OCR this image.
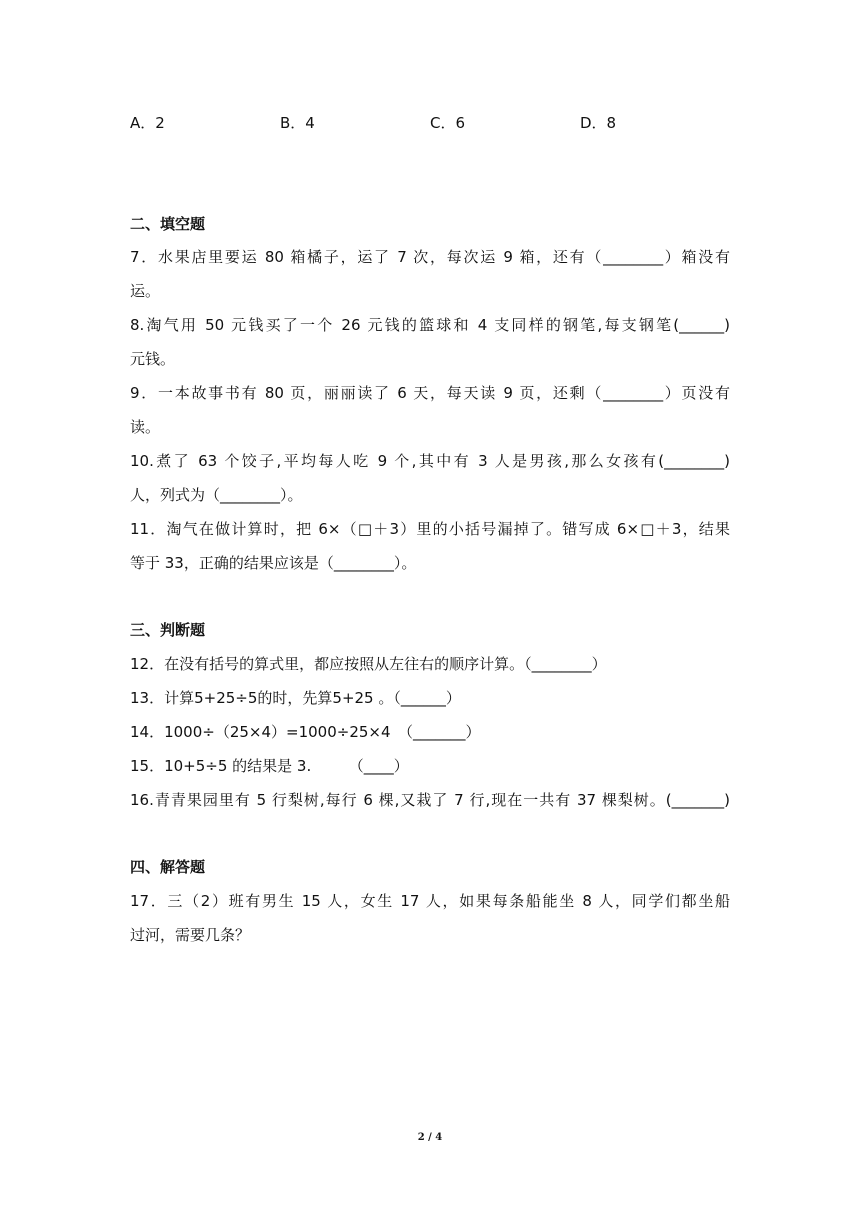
A．2	B．4	C．6	D．8
二、填空题
7．水果店里要运 80 箱橘子，运了 7 次，每次运 9 箱，还有（________）箱没有
运。
8.淘气用 50 元钱买了一个 26 元钱的篮球和 4 支同样的钢笔,每支钢笔(______)
元钱。
9．一本故事书有 80 页，丽丽读了 6 天，每天读 9 页，还剩（________）页没有
读。
10.煮了 63 个饺子,平均每人吃 9 个,其中有 3 人是男孩,那么女孩有(________)
人，列式为（________）。
11．淘气在做计算时，把 6×（□＋3）里的小括号漏掉了。错写成 6×□＋3，结果
等于 33，正确的结果应该是（________）。
三、判断题
12．在没有括号的算式里，都应按照从左往右的顺序计算。（________）
13．计算5+25÷5的时，先算5+25 。（______）
14．1000÷（25×4）=1000÷25×4　（_______）
15．10+5÷5 的结果是 3.　　　（____）
16.青青果园里有 5 行梨树,每行 6 棵,又栽了 7 行,现在一共有 37 棵梨树。(_______)
四、解答题
17．三（2）班有男生 15 人，女生 17 人，如果每条船能坐 8 人，同学们都坐船
过河，需要几条？
2 / 4
